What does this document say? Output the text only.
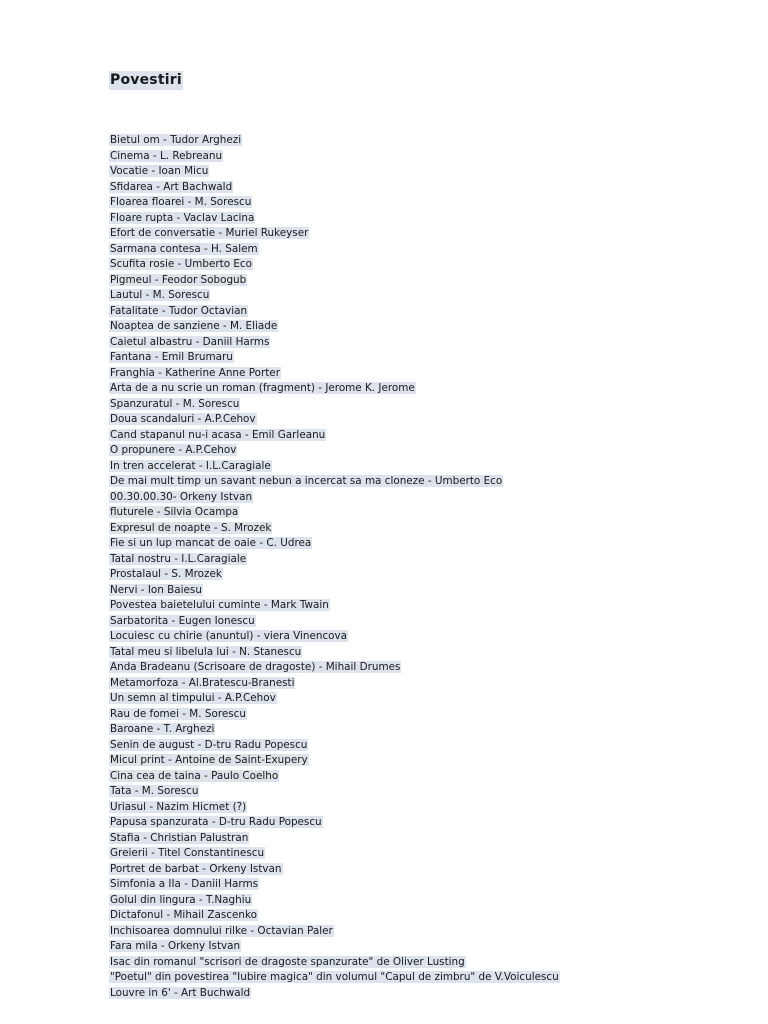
Povestiri
Bietul om - Tudor Arghezi
Cinema - L. Rebreanu
Vocatie - Ioan Micu
Sfidarea - Art Bachwald
Floarea floarei - M. Sorescu
Floare rupta - Vaclav Lacina
Efort de conversatie - Muriel Rukeyser
Sarmana contesa - H. Salem
Scufita rosie - Umberto Eco
Pigmeul - Feodor Sobogub
Lautul - M. Sorescu
Fatalitate - Tudor Octavian
Noaptea de sanziene - M. Eliade
Caietul albastru - Daniil Harms
Fantana - Emil Brumaru
Franghia - Katherine Anne Porter
Arta de a nu scrie un roman (fragment) - Jerome K. Jerome
Spanzuratul - M. Sorescu
Doua scandaluri - A.P.Cehov
Cand stapanul nu-i acasa - Emil Garleanu
O propunere - A.P.Cehov
In tren accelerat - I.L.Caragiale
De mai mult timp un savant nebun a incercat sa ma cloneze - Umberto Eco
00.30.00.30- Orkeny Istvan
fluturele - Silvia Ocampa
Expresul de noapte - S. Mrozek
Fie si un lup mancat de oaie - C. Udrea
Tatal nostru - I.L.Caragiale
Prostalaul - S. Mrozek
Nervi - Ion Baiesu
Povestea baietelului cuminte - Mark Twain
Sarbatorita - Eugen Ionescu
Locuiesc cu chirie (anuntul) - viera Vinencova
Tatal meu si libelula lui - N. Stanescu
Anda Bradeanu (Scrisoare de dragoste) - Mihail Drumes
Metamorfoza - Al.Bratescu-Branesti
Un semn al timpului - A.P.Cehov
Rau de fomei - M. Sorescu
Baroane - T. Arghezi
Senin de august - D-tru Radu Popescu
Micul print - Antoine de Saint-Exupery
Cina cea de taina - Paulo Coelho
Tata - M. Sorescu
Uriasul - Nazim Hicmet (?)
Papusa spanzurata - D-tru Radu Popescu
Stafia - Christian Palustran
Greierii - Titel Constantinescu
Portret de barbat - Orkeny Istvan
Simfonia a IIa - Daniil Harms
Golul din lingura - T.Naghiu
Dictafonul - Mihail Zascenko
Inchisoarea domnului rilke - Octavian Paler
Fara mila - Orkeny Istvan
Isac din romanul "scrisori de dragoste spanzurate" de Oliver Lusting
"Poetul" din povestirea "Iubire magica" din volumul "Capul de zimbru" de V.Voiculescu
Louvre in 6' - Art Buchwald
